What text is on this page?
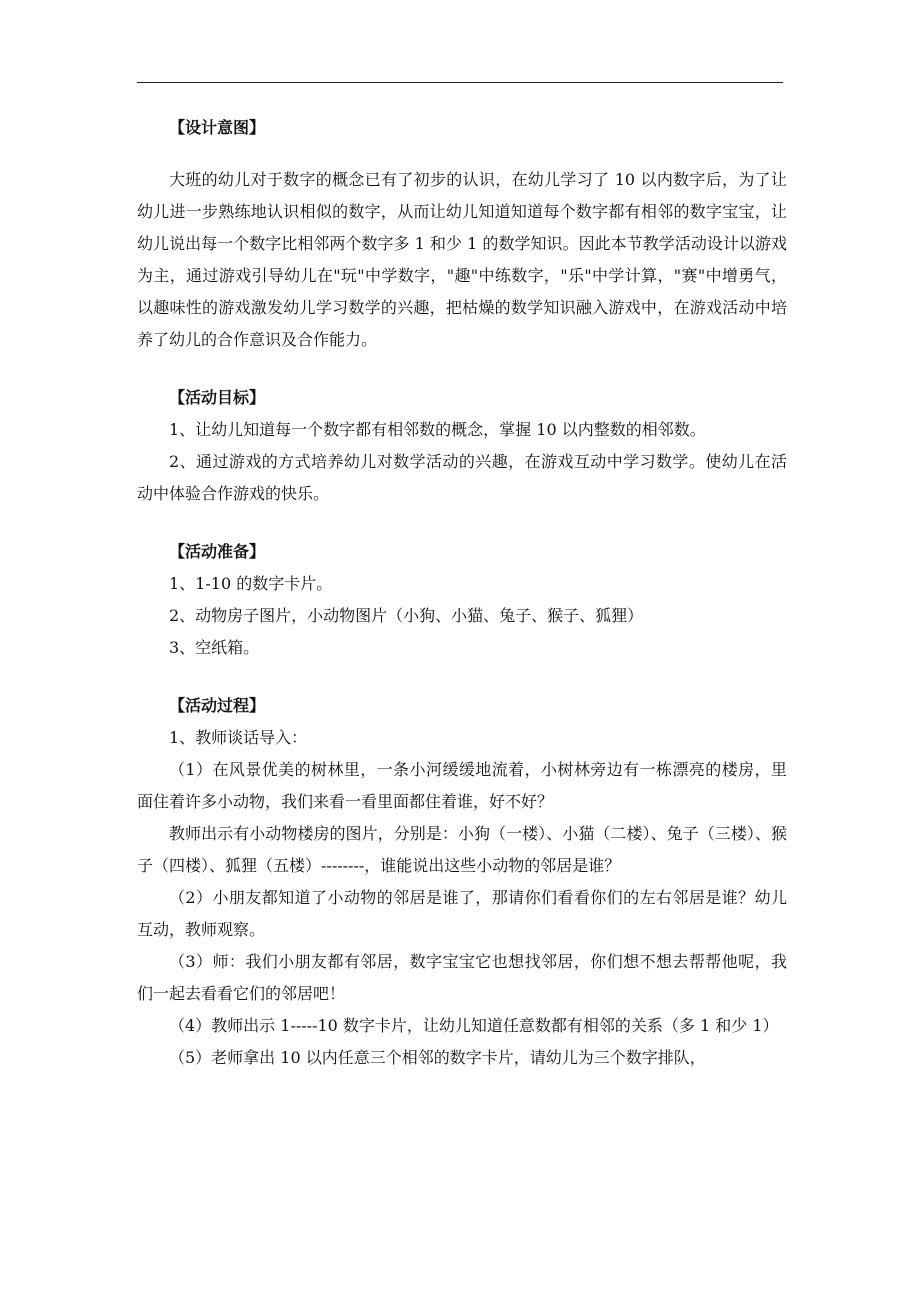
【设计意图】

大班的幼儿对于数字的概念已有了初步的认识，在幼儿学习了 10 以内数字后，为了让幼儿进一步熟练地认识相似的数字，从而让幼儿知道知道每个数字都有相邻的数字宝宝，让幼儿说出每一个数字比相邻两个数字多 1 和少 1 的数学知识。因此本节教学活动设计以游戏为主，通过游戏引导幼儿在"玩"中学数字，"趣"中练数字，"乐"中学计算，"赛"中增勇气，以趣味性的游戏激发幼儿学习数学的兴趣，把枯燥的数学知识融入游戏中，在游戏活动中培养了幼儿的合作意识及合作能力。

【活动目标】

1、让幼儿知道每一个数字都有相邻数的概念，掌握 10 以内整数的相邻数。

2、通过游戏的方式培养幼儿对数学活动的兴趣，在游戏互动中学习数学。使幼儿在活动中体验合作游戏的快乐。

【活动准备】

1、1-10 的数字卡片。

2、动物房子图片，小动物图片（小狗、小猫、兔子、猴子、狐狸）

3、空纸箱。

【活动过程】

1、教师谈话导入：

（1）在风景优美的树林里，一条小河缓缓地流着，小树林旁边有一栋漂亮的楼房，里面住着许多小动物，我们来看一看里面都住着谁，好不好？

教师出示有小动物楼房的图片，分别是：小狗（一楼）、小猫（二楼）、兔子（三楼）、猴子（四楼）、狐狸（五楼）--------，谁能说出这些小动物的邻居是谁？

（2）小朋友都知道了小动物的邻居是谁了，那请你们看看你们的左右邻居是谁？幼儿互动，教师观察。

（3）师：我们小朋友都有邻居，数字宝宝它也想找邻居，你们想不想去帮帮他呢，我们一起去看看它们的邻居吧！

（4）教师出示 1-----10 数字卡片，让幼儿知道任意数都有相邻的关系（多 1 和少 1）

（5）老师拿出 10 以内任意三个相邻的数字卡片，请幼儿为三个数字排队，
